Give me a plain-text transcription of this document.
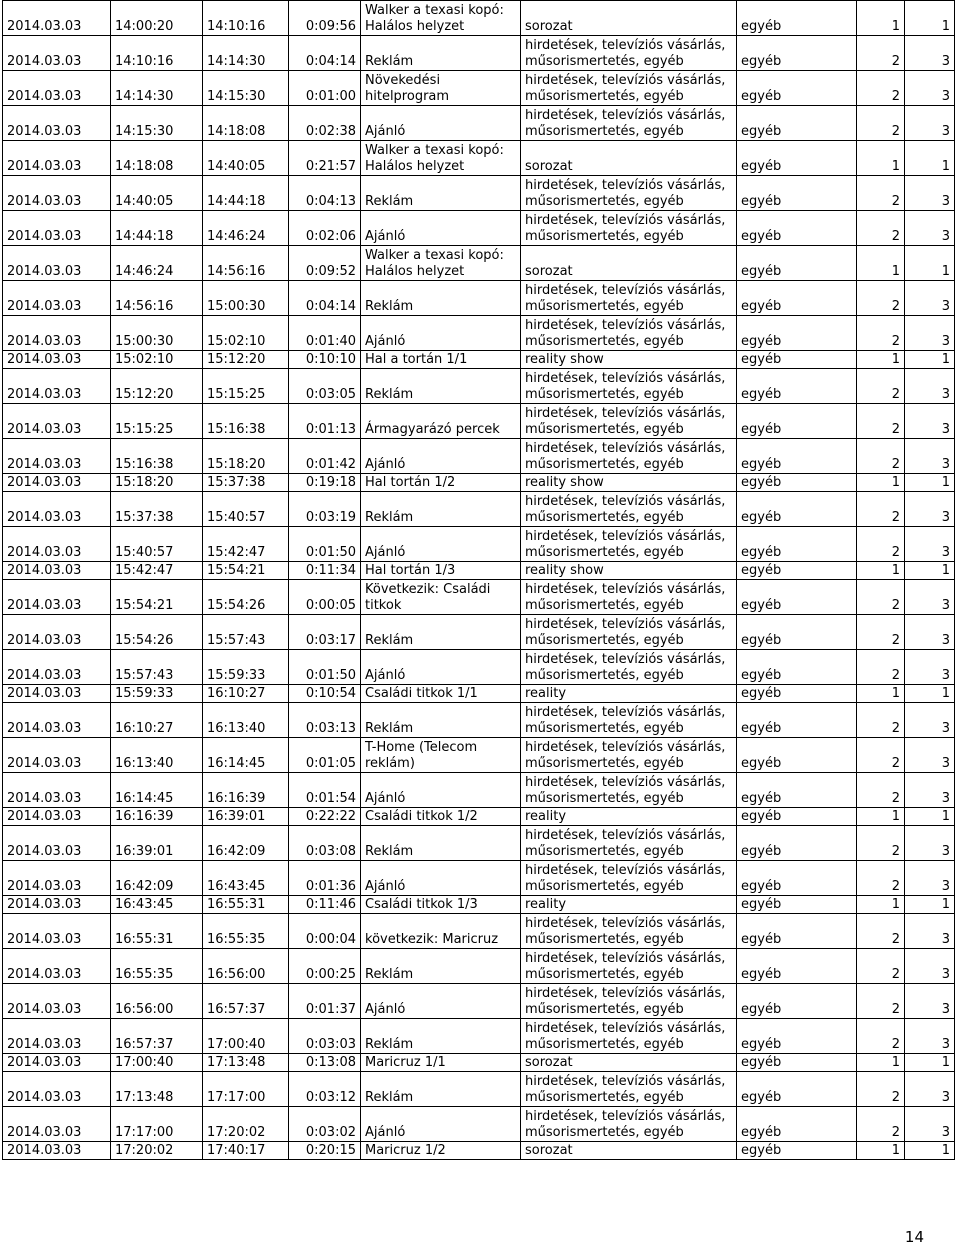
2014.03.03	14:00:20	14:10:16	0:09:56	Walker a texasi kopó: Halálos helyzet	sorozat	egyéb	1	1
2014.03.03	14:10:16	14:14:30	0:04:14	Reklám	hirdetések, televíziós vásárlás, műsorismertetés, egyéb	egyéb	2	3
2014.03.03	14:14:30	14:15:30	0:01:00	Növekedési hitelprogram	hirdetések, televíziós vásárlás, műsorismertetés, egyéb	egyéb	2	3
2014.03.03	14:15:30	14:18:08	0:02:38	Ajánló	hirdetések, televíziós vásárlás, műsorismertetés, egyéb	egyéb	2	3
2014.03.03	14:18:08	14:40:05	0:21:57	Walker a texasi kopó: Halálos helyzet	sorozat	egyéb	1	1
2014.03.03	14:40:05	14:44:18	0:04:13	Reklám	hirdetések, televíziós vásárlás, műsorismertetés, egyéb	egyéb	2	3
2014.03.03	14:44:18	14:46:24	0:02:06	Ajánló	hirdetések, televíziós vásárlás, műsorismertetés, egyéb	egyéb	2	3
2014.03.03	14:46:24	14:56:16	0:09:52	Walker a texasi kopó: Halálos helyzet	sorozat	egyéb	1	1
2014.03.03	14:56:16	15:00:30	0:04:14	Reklám	hirdetések, televíziós vásárlás, műsorismertetés, egyéb	egyéb	2	3
2014.03.03	15:00:30	15:02:10	0:01:40	Ajánló	hirdetések, televíziós vásárlás, műsorismertetés, egyéb	egyéb	2	3
2014.03.03	15:02:10	15:12:20	0:10:10	Hal a tortán 1/1	reality show	egyéb	1	1
2014.03.03	15:12:20	15:15:25	0:03:05	Reklám	hirdetések, televíziós vásárlás, műsorismertetés, egyéb	egyéb	2	3
2014.03.03	15:15:25	15:16:38	0:01:13	Ármagyarázó percek	hirdetések, televíziós vásárlás, műsorismertetés, egyéb	egyéb	2	3
2014.03.03	15:16:38	15:18:20	0:01:42	Ajánló	hirdetések, televíziós vásárlás, műsorismertetés, egyéb	egyéb	2	3
2014.03.03	15:18:20	15:37:38	0:19:18	Hal tortán 1/2	reality show	egyéb	1	1
2014.03.03	15:37:38	15:40:57	0:03:19	Reklám	hirdetések, televíziós vásárlás, műsorismertetés, egyéb	egyéb	2	3
2014.03.03	15:40:57	15:42:47	0:01:50	Ajánló	hirdetések, televíziós vásárlás, műsorismertetés, egyéb	egyéb	2	3
2014.03.03	15:42:47	15:54:21	0:11:34	Hal tortán 1/3	reality show	egyéb	1	1
2014.03.03	15:54:21	15:54:26	0:00:05	Következik: Családi titkok	hirdetések, televíziós vásárlás, műsorismertetés, egyéb	egyéb	2	3
2014.03.03	15:54:26	15:57:43	0:03:17	Reklám	hirdetések, televíziós vásárlás, műsorismertetés, egyéb	egyéb	2	3
2014.03.03	15:57:43	15:59:33	0:01:50	Ajánló	hirdetések, televíziós vásárlás, műsorismertetés, egyéb	egyéb	2	3
2014.03.03	15:59:33	16:10:27	0:10:54	Családi titkok 1/1	reality	egyéb	1	1
2014.03.03	16:10:27	16:13:40	0:03:13	Reklám	hirdetések, televíziós vásárlás, műsorismertetés, egyéb	egyéb	2	3
2014.03.03	16:13:40	16:14:45	0:01:05	T-Home (Telecom reklám)	hirdetések, televíziós vásárlás, műsorismertetés, egyéb	egyéb	2	3
2014.03.03	16:14:45	16:16:39	0:01:54	Ajánló	hirdetések, televíziós vásárlás, műsorismertetés, egyéb	egyéb	2	3
2014.03.03	16:16:39	16:39:01	0:22:22	Családi titkok 1/2	reality	egyéb	1	1
2014.03.03	16:39:01	16:42:09	0:03:08	Reklám	hirdetések, televíziós vásárlás, műsorismertetés, egyéb	egyéb	2	3
2014.03.03	16:42:09	16:43:45	0:01:36	Ajánló	hirdetések, televíziós vásárlás, műsorismertetés, egyéb	egyéb	2	3
2014.03.03	16:43:45	16:55:31	0:11:46	Családi titkok 1/3	reality	egyéb	1	1
2014.03.03	16:55:31	16:55:35	0:00:04	következik: Maricruz	hirdetések, televíziós vásárlás, műsorismertetés, egyéb	egyéb	2	3
2014.03.03	16:55:35	16:56:00	0:00:25	Reklám	hirdetések, televíziós vásárlás, műsorismertetés, egyéb	egyéb	2	3
2014.03.03	16:56:00	16:57:37	0:01:37	Ajánló	hirdetések, televíziós vásárlás, műsorismertetés, egyéb	egyéb	2	3
2014.03.03	16:57:37	17:00:40	0:03:03	Reklám	hirdetések, televíziós vásárlás, műsorismertetés, egyéb	egyéb	2	3
2014.03.03	17:00:40	17:13:48	0:13:08	Maricruz 1/1	sorozat	egyéb	1	1
2014.03.03	17:13:48	17:17:00	0:03:12	Reklám	hirdetések, televíziós vásárlás, műsorismertetés, egyéb	egyéb	2	3
2014.03.03	17:17:00	17:20:02	0:03:02	Ajánló	hirdetések, televíziós vásárlás, műsorismertetés, egyéb	egyéb	2	3
2014.03.03	17:20:02	17:40:17	0:20:15	Maricruz 1/2	sorozat	egyéb	1	1
14
